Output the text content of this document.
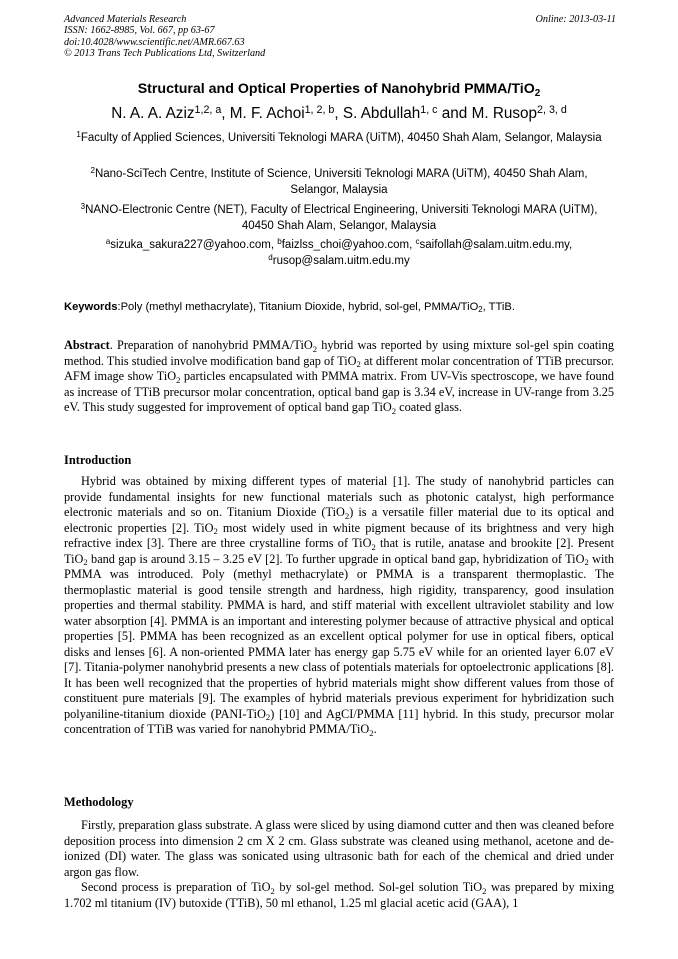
Advanced Materials Research
ISSN: 1662-8985, Vol. 667, pp 63-67
doi:10.4028/www.scientific.net/AMR.667.63
© 2013 Trans Tech Publications Ltd, Switzerland
Online: 2013-03-11
Structural and Optical Properties of Nanohybrid PMMA/TiO$_2$
N. A. A. Aziz$^{1,2, a}$, M. F. Achoi$^{1, 2, b}$, S. Abdullah$^{1, c}$ and M. Rusop$^{2, 3, d}$
$^1$Faculty of Applied Sciences, Universiti Teknologi MARA (UiTM), 40450 Shah Alam, Selangor, Malaysia
$^2$Nano-SciTech Centre, Institute of Science, Universiti Teknologi MARA (UiTM), 40450 Shah Alam, Selangor, Malaysia
$^3$NANO-Electronic Centre (NET), Faculty of Electrical Engineering, Universiti Teknologi MARA (UiTM), 40450 Shah Alam, Selangor, Malaysia
$^a$sizuka_sakura227@yahoo.com, $^b$faizlss_choi@yahoo.com, $^c$saifollah@salam.uitm.edu.my,
$^d$rusop@salam.uitm.edu.my
Keywords:Poly (methyl methacrylate), Titanium Dioxide, hybrid, sol-gel, PMMA/TiO$_2$, TTiB.
Abstract. Preparation of nanohybrid PMMA/TiO$_2$ hybrid was reported by using mixture sol-gel spin coating method. This studied involve modification band gap of TiO$_2$ at different molar concentration of TTiB precursor. AFM image show TiO$_2$ particles encapsulated with PMMA matrix. From UV-Vis spectroscope, we have found as increase of TTiB precursor molar concentration, optical band gap is 3.34 eV, increase in UV-range from 3.25 eV. This study suggested for improvement of optical band gap TiO$_2$ coated glass.
Introduction
Hybrid was obtained by mixing different types of material [1]. The study of nanohybrid particles can provide fundamental insights for new functional materials such as photonic catalyst, high performance electronic materials and so on. Titanium Dioxide (TiO$_2$) is a versatile filler material due to its optical and electronic properties [2]. TiO$_2$ most widely used in white pigment because of its brightness and very high refractive index [3]. There are three crystalline forms of TiO$_2$ that is rutile, anatase and brookite [2]. Present TiO$_2$ band gap is around 3.15 – 3.25 eV [2]. To further upgrade in optical band gap, hybridization of TiO$_2$ with PMMA was introduced. Poly (methyl methacrylate) or PMMA is a transparent thermoplastic. The thermoplastic material is good tensile strength and hardness, high rigidity, transparency, good insulation properties and thermal stability. PMMA is hard, and stiff material with excellent ultraviolet stability and low water absorption [4]. PMMA is an important and interesting polymer because of attractive physical and optical properties [5]. PMMA has been recognized as an excellent optical polymer for use in optical fibers, optical disks and lenses [6]. A non-oriented PMMA later has energy gap 5.75 eV while for an oriented layer 6.07 eV [7]. Titania-polymer nanohybrid presents a new class of potentials materials for optoelectronic applications [8]. It has been well recognized that the properties of hybrid materials might show different values from those of constituent pure materials [9]. The examples of hybrid materials previous experiment for hybridization such polyaniline-titanium dioxide (PANI-TiO$_2$) [10] and AgCI/PMMA [11] hybrid. In this study, precursor molar concentration of TTiB was varied for nanohybrid PMMA/TiO$_2$.
Methodology
Firstly, preparation glass substrate. A glass were sliced by using diamond cutter and then was cleaned before deposition process into dimension 2 cm X 2 cm. Glass substrate was cleaned using methanol, acetone and de-ionized (DI) water. The glass was sonicated using ultrasonic bath for each of the chemical and dried under argon gas flow.
Second process is preparation of TiO$_2$ by sol-gel method. Sol-gel solution TiO$_2$ was prepared by mixing 1.702 ml titanium (IV) butoxide (TTiB), 50 ml ethanol, 1.25 ml glacial acetic acid (GAA), 1
